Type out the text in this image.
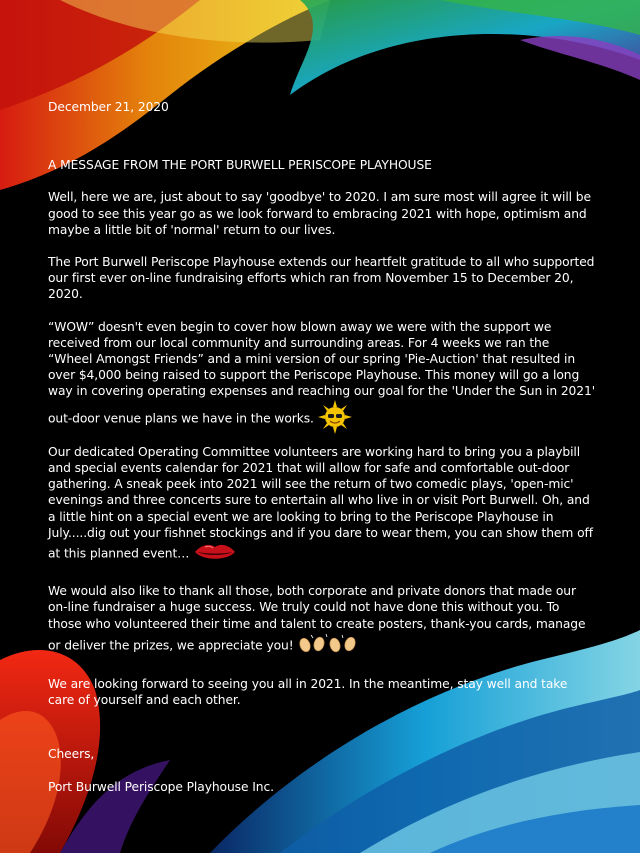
December 21, 2020

A MESSAGE FROM THE PORT BURWELL PERISCOPE PLAYHOUSE

Well, here we are, just about to say 'goodbye' to 2020. I am sure most will agree it will be good to see this year go as we look forward to embracing 2021 with hope, optimism and maybe a little bit of 'normal' return to our lives.

The Port Burwell Periscope Playhouse extends our heartfelt gratitude to all who supported our first ever on-line fundraising efforts which ran from November 15 to December 20, 2020.

“WOW” doesn't even begin to cover how blown away we were with the support we received from our local community and surrounding areas. For 4 weeks we ran the “Wheel Amongst Friends” and a mini version of our spring 'Pie-Auction' that resulted in over $4,000 being raised to support the Periscope Playhouse. This money will go a long way in covering operating expenses and reaching our goal for the 'Under the Sun in 2021' out-door venue plans we have in the works.

Our dedicated Operating Committee volunteers are working hard to bring you a playbill and special events calendar for 2021 that will allow for safe and comfortable out-door gathering. A sneak peek into 2021 will see the return of two comedic plays, 'open-mic' evenings and three concerts sure to entertain all who live in or visit Port Burwell. Oh, and a little hint on a special event we are looking to bring to the Periscope Playhouse in July.....dig out your fishnet stockings and if you dare to wear them, you can show them off at this planned event…

We would also like to thank all those, both corporate and private donors that made our on-line fundraiser a huge success. We truly could not have done this without you. To those who volunteered their time and talent to create posters, thank-you cards, manage or deliver the prizes, we appreciate you!

We are looking forward to seeing you all in 2021. In the meantime, stay well and take care of yourself and each other.

Cheers,

Port Burwell Periscope Playhouse Inc.
